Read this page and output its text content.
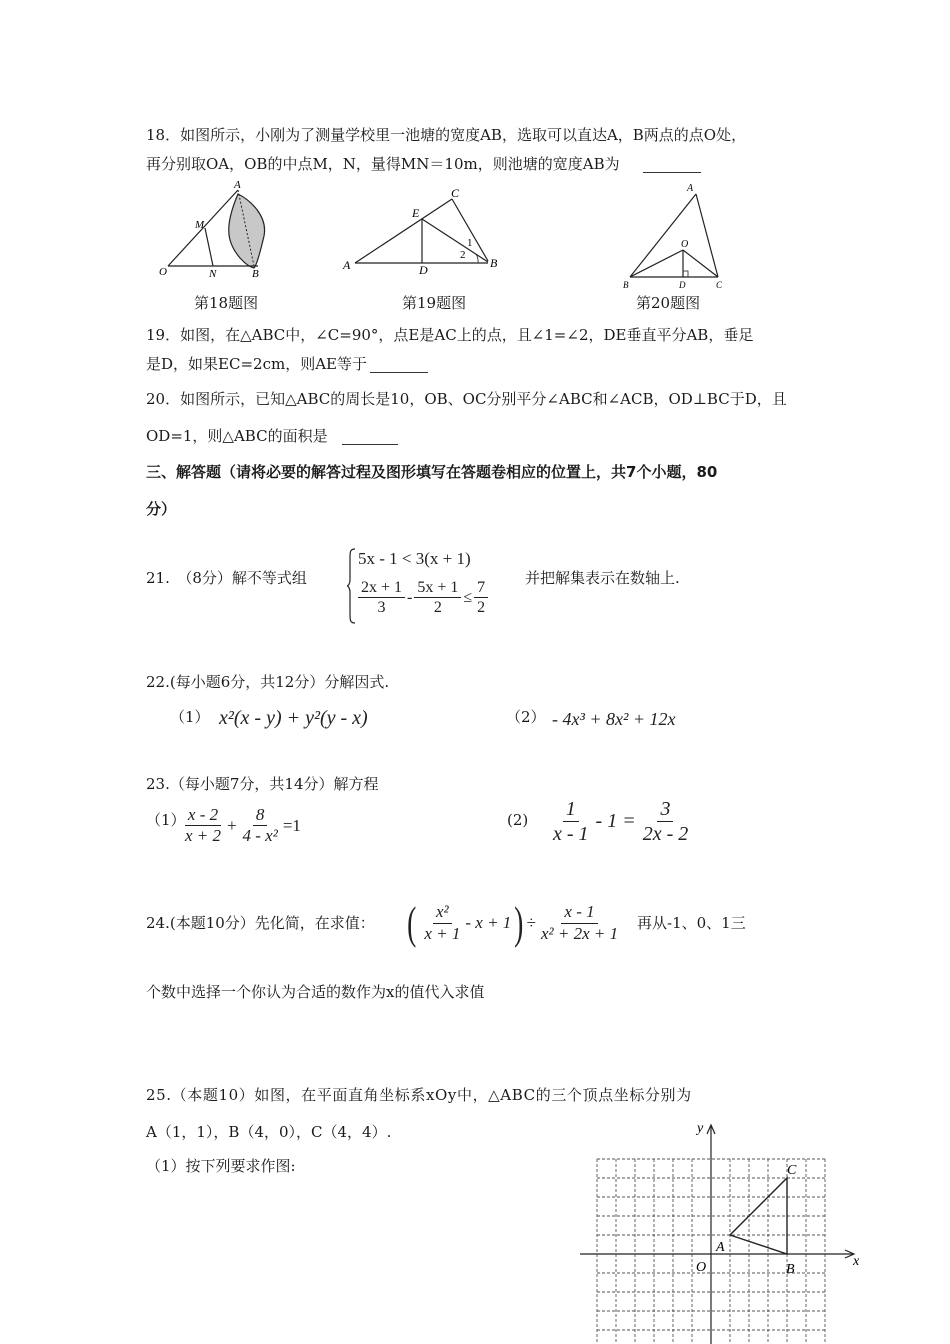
18．如图所示，小刚为了测量学校里一池塘的宽度AB，选取可以直达A，B两点的点O处，
再分别取OA，OB的中点M，N，量得MN＝10m，则池塘的宽度AB为
A
M
O	N	B
第18题图
C
E
A	D	B
1
2
第19题图
A
O
B	D	C
第20题图
19．如图，在△ABC中，∠C=90°，点E是AC上的点，且∠1=∠2，DE垂直平分AB，垂足
是D，如果EC=2cm，则AE等于
20．如图所示，已知△ABC的周长是10，OB、OC分别平分∠ABC和∠ACB，OD⊥BC于D，且
OD=1，则△ABC的面积是
三、解答题（请将必要的解答过程及图形填写在答题卷相应的位置上，共7个小题，80
分）
21.　（8分）解不等式组
5x - 1 < 3(x + 1)
$\frac{2x + 1}{3} - \frac{5x + 1}{2} \le \frac{7}{2}$ 并把解集表示在数轴上.
22.(每小题6分，共12分）分解因式.
（1） x²(x - y) + y²(y - x)	（2） - 4x³ + 8x² + 12x
23.（每小题7分，共14分）解方程
（1）
$\frac{x - 2}{x + 2} + \frac{8}{\text{4 - x²}} =1$	$(2) \frac{1}{x - 1} - 1 = \frac{3}{2x - 2}$
24.(本题10分）先化简，在求值： ( $\frac{\text{x²}}{x + 1} - x + 1$ ) ÷ $\frac{x - 1}{\text{x² + 2x + 1}}$ 再从-1、0、1三
个数中选择一个你认为合适的数作为x的值代入求值
25.（本题10）如图，在平面直角坐标系xOy中，△ABC的三个顶点坐标分别为
A（1，1），B（4，0），C（4，4）.
（1）按下列要求作图:
y
x
O
A
B
C
